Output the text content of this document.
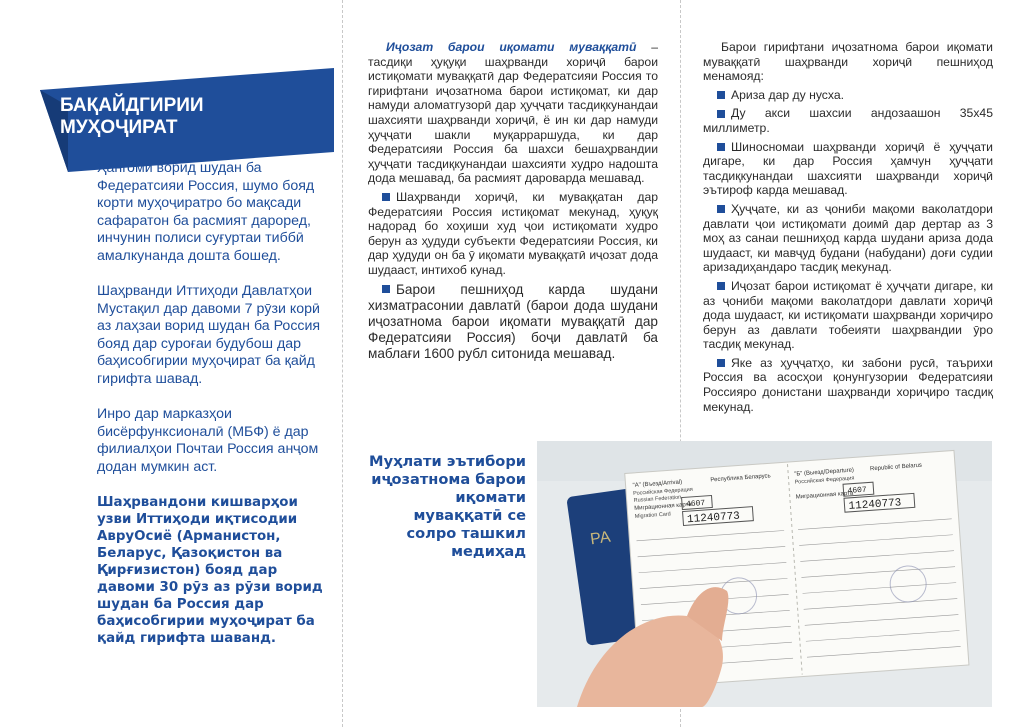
БАҚАЙДГИРИИ
МУҲОҶИРАТ

Ҳангоми ворид шудан ба Федератсияи Россия, шумо бояд корти муҳоҷиратро бо мақсади сафаратон ба расмият дароред, инчунин полиси суғуртаи тиббӣ амалкунанда дошта бошед.

Шаҳрванди Иттиҳоди Давлатҳои Мустақил дар давоми 7 рӯзи корӣ аз лаҳзаи ворид шудан ба Россия бояд дар суроғаи будубош дар баҳисобгирии муҳоҷират ба қайд гирифта шавад.

Инро дар марказҳои бисёрфунксионалӣ (МБФ) ё дар филиалҳои Почтаи Россия анҷом додан мумкин аст.

Шаҳрвандони кишварҳои узви Иттиҳоди иқтисодии АвруОсиё (Арманистон, Беларус, Қазоқистон ва Қирғизистон) бояд дар давоми 30 рӯз аз рӯзи ворид шудан ба Россия дар баҳисобгирии муҳоҷират ба қайд гирифта шаванд.

Иҷозат барои иқомати муваққатӣ – тасдиқи ҳуқуқи шаҳрванди хориҷӣ барои истиқомати муваққатӣ дар Федератсияи Россия то гирифтани иҷозатнома барои истиқомат, ки дар намуди аломатгузорӣ дар ҳуҷҷати тасдиқкунандаи шахсияти шаҳрванди хориҷӣ, ё ин ки дар намуди ҳуҷҷати шакли муқарраршуда, ки дар Федератсияи Россия ба шахси бешаҳрвандии ҳуҷҷати тасдиқкунандаи шахсияти худро надошта дода мешавад, ба расмият дароварда мешавад.

Шаҳрванди хориҷӣ, ки муваққатан дар Федератсияи Россия истиқомат мекунад, ҳуқуқ надорад бо хоҳиши худ ҷои истиқомати худро берун аз ҳудуди субъекти Федератсияи Россия, ки дар ҳудуди он ба ӯ иқомати муваққатӣ иҷозат дода шудааст, интихоб кунад.

Барои пешниҳод карда шудани хизматрасонии давлатӣ (барои дода шудани иҷозатнома барои иқомати муваққатӣ дар Федератсияи Россия) боҷи давлатӣ ба маблағи 1600 рубл ситонида мешавад.

Муҳлати эътибори иҷозатнома барои иқомати муваққатӣ се солро ташкил медиҳад

Барои гирифтани иҷозатнома барои иқомати муваққатӣ шаҳрванди хориҷӣ пешниҳод менамояд:

Ариза дар ду нусха.

Ду акси шахсии андозаашон 35x45 миллиметр.

Шиносномаи шаҳрванди хориҷӣ ё ҳуҷҷати дигаре, ки дар Россия ҳамчун ҳуҷҷати тасдиқкунандаи шахсияти шаҳрванди хориҷӣ эътироф карда мешавад.

Ҳуҷҷате, ки аз ҷониби мақоми ваколатдори давлати ҷои истиқомати доимӣ дар дертар аз 3 моҳ аз санаи пешниҳод карда шудани ариза дода шудааст, ки мавҷуд будани (набудани) доғи судии аризадиҳандаро тасдиқ мекунад.

Иҷозат барои истиқомат ё ҳуҷҷати дигаре, ки аз ҷониби мақоми ваколатдори давлати хориҷӣ дода шудааст, ки истиқомати шаҳрванди хориҷиро берун аз давлати тобеияти шаҳрвандии ӯро тасдиқ мекунад.

Яке аз ҳуҷҷатҳо, ки забони русӣ, таърихи Россия ва асосҳои қонунгузории Федератсияи Россияро донистани шаҳрванди хориҷиро тасдиқ мекунад.

РА
"А" (Въезд/Arrival)
Республика Беларусь
Российская Федерация
Russian Federation
Миграционная карта
Migration Card
4607
11240773
"Б" (Выезд/Departure)	Republic of Belarus
Российская Федерация
Миграционная карта
4607
11240773
